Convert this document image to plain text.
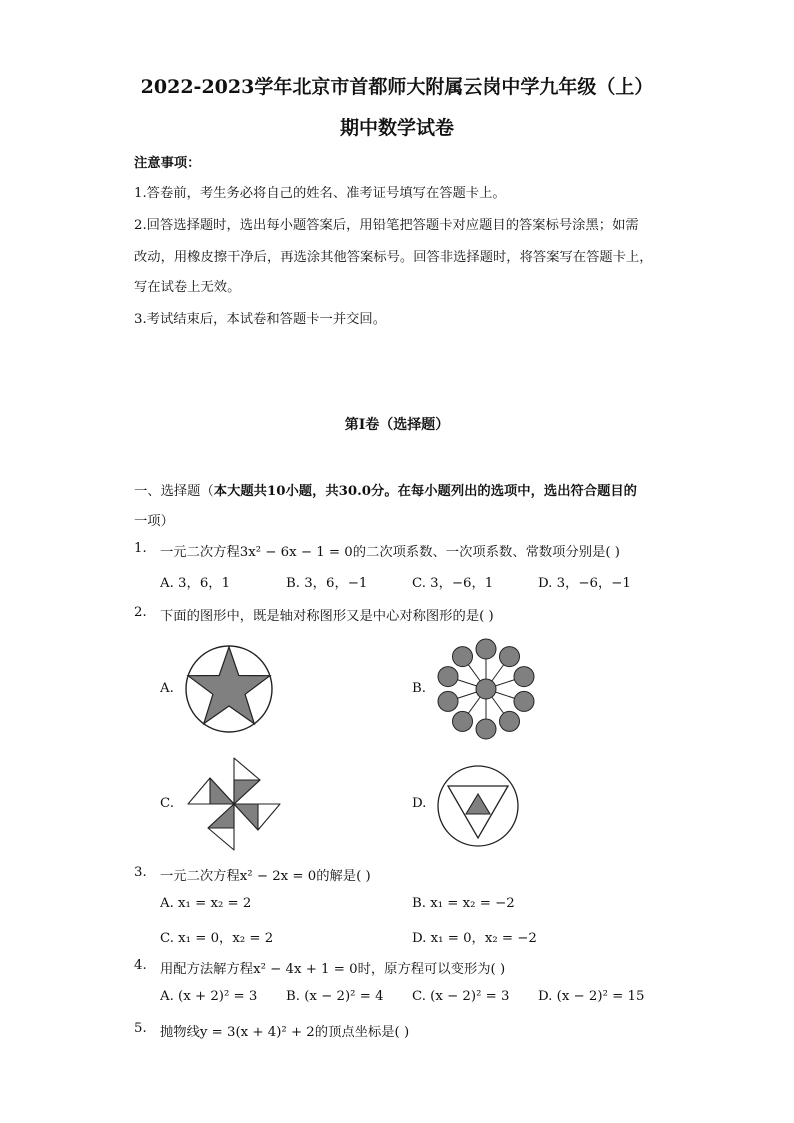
2022-2023学年北京市首都师大附属云岗中学九年级（上）
期中数学试卷
注意事项：
1.答卷前，考生务必将自己的姓名、准考证号填写在答题卡上。
2.回答选择题时，选出每小题答案后，用铅笔把答题卡对应题目的答案标号涂黑；如需
改动，用橡皮擦干净后，再选涂其他答案标号。回答非选择题时，将答案写在答题卡上，
写在试卷上无效。
3.考试结束后，本试卷和答题卡一并交回。
第Ⅰ卷（选择题）
一、选择题（本大题共10小题，共30.0分。在每小题列出的选项中，选出符合题目的
一项）
1. 一元二次方程3x² − 6x − 1 = 0的二次项系数、一次项系数、常数项分别是( )
A. 3，6，1	B. 3，6，−1	C. 3，−6，1	D. 3，−6，−1
2. 下面的图形中，既是轴对称图形又是中心对称图形的是( )
A.	B.
C.	D.
3. 一元二次方程x² − 2x = 0的解是( )
A. x₁ = x₂ = 2	B. x₁ = x₂ = −2
C. x₁ = 0，x₂ = 2	D. x₁ = 0，x₂ = −2
4. 用配方法解方程x² − 4x + 1 = 0时，原方程可以变形为( )
A. (x + 2)² = 3 B. (x − 2)² = 4 C. (x − 2)² = 3 D. (x − 2)² = 15
5. 抛物线y = 3(x + 4)² + 2的顶点坐标是( )
